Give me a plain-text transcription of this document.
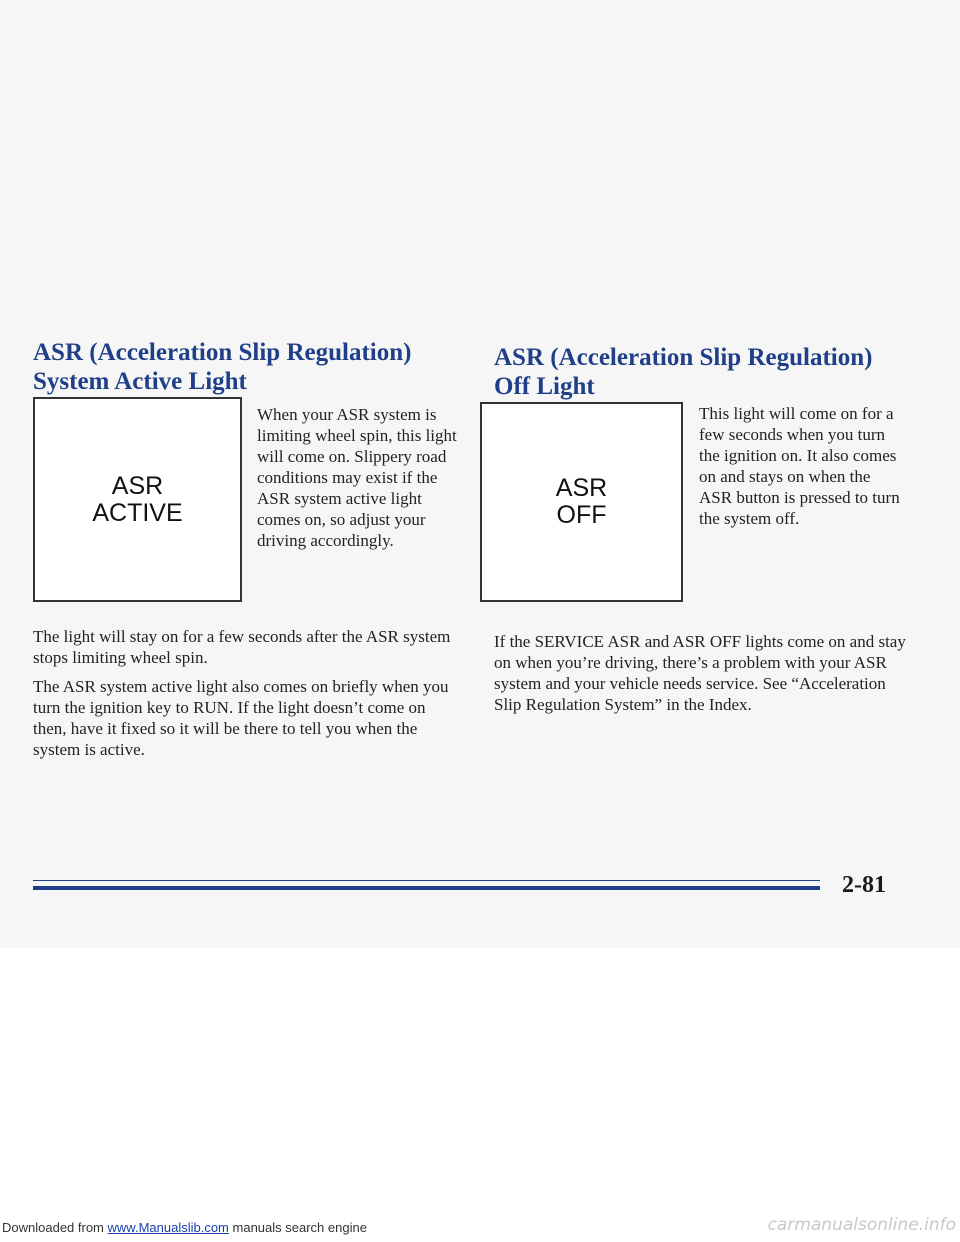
ASR (Acceleration Slip Regulation) System Active Light
ASR
ACTIVE

When your ASR system is limiting wheel spin, this light will come on. Slippery road conditions may exist if the ASR system active light comes on, so adjust your driving accordingly.

The light will stay on for a few seconds after the ASR system stops limiting wheel spin.

The ASR system active light also comes on briefly when you turn the ignition key to RUN. If the light doesn’t come on then, have it fixed so it will be there to tell you when the system is active.

ASR (Acceleration Slip Regulation) Off Light
ASR
OFF

This light will come on for a few seconds when you turn the ignition on. It also comes on and stays on when the ASR button is pressed to turn the system off.

If the SERVICE ASR and ASR OFF lights come on and stay on when you’re driving, there’s a problem with your ASR system and your vehicle needs service. See “Acceleration Slip Regulation System” in the Index.

2-81
Downloaded from www.Manualslib.com manuals search engine	carmanualsonline.info
